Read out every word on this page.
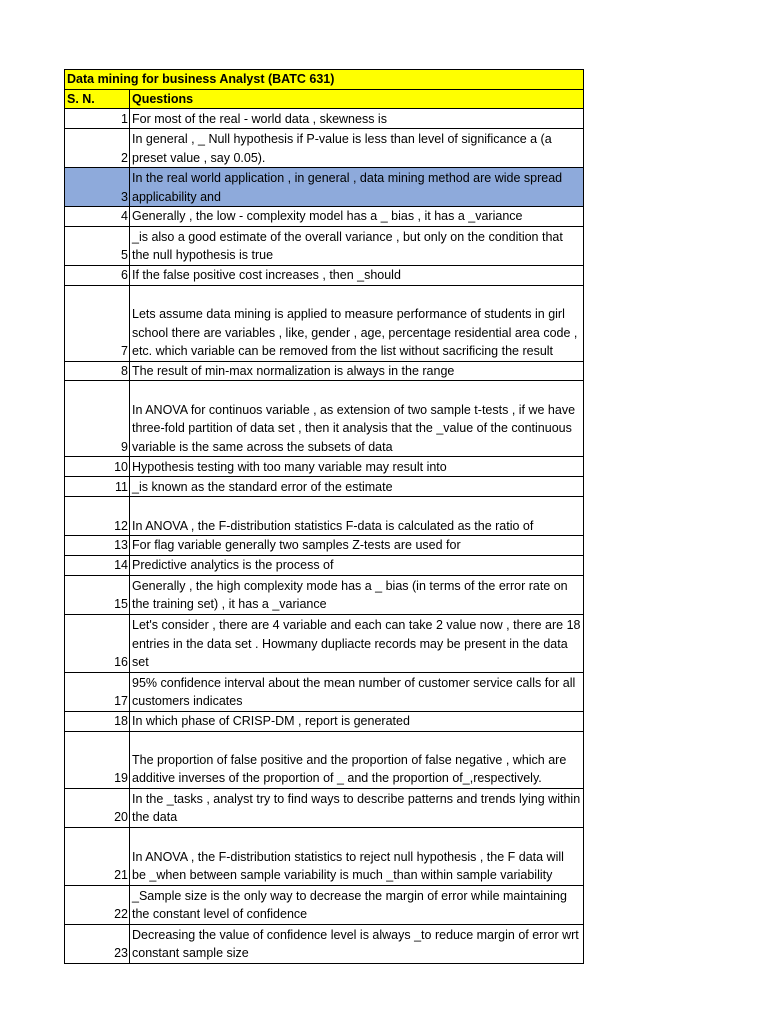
Data mining for business Analyst (BATC 631)	
S. N.	Questions
1	For most of the real - world data , skewness is
2	In general , _ Null hypothesis if P-value is less than level of significance a (a preset value , say 0.05).
3	In the real world application , in general , data mining method are wide spread applicability and
4	Generally , the low - complexity model has a _ bias , it has a _variance
5	_is also a good estimate of the overall variance , but only on the condition that the null hypothesis is true
6	If the false positive cost increases , then _should
7	Lets assume data mining is applied to measure performance of students in girl school there are variables , like, gender , age, percentage residential area code , etc. which variable can be removed from the list without sacrificing the result
8	The result of min-max normalization is always in the range
9	In ANOVA for continuos variable , as extension of two sample t-tests , if we have three-fold partition of data set , then it analysis that the _value of the continuous variable is the same across the subsets of data
10	Hypothesis testing with too many variable may result into
11	_is known as the standard error of the estimate
12	In ANOVA , the F-distribution statistics F-data is calculated as the ratio of
13	For flag variable generally two samples Z-tests are used for
14	Predictive analytics is the process of
15	Generally , the high complexity mode has a _ bias (in terms of the error rate on the training set) , it has a _variance
16	Let's consider , there are 4 variable and each can take 2 value now , there are 18 entries in the data set . Howmany dupliacte records may be present in the data set
17	95% confidence interval about the mean number of customer service calls for all customers indicates
18	In which phase of CRISP-DM , report is generated
19	The proportion of false positive and the proportion of false negative , which are additive inverses of the proportion of _ and the proportion of_,respectively.
20	In the _tasks , analyst try to find ways to describe patterns and trends lying within the data
21	In ANOVA , the F-distribution statistics to reject null hypothesis , the F data will be _when between sample variability is much _than within sample variability
22	_Sample size is the only way to decrease the margin of error while maintaining the constant level of confidence
23	Decreasing the value of confidence level is always _to reduce margin of error wrt constant sample size
